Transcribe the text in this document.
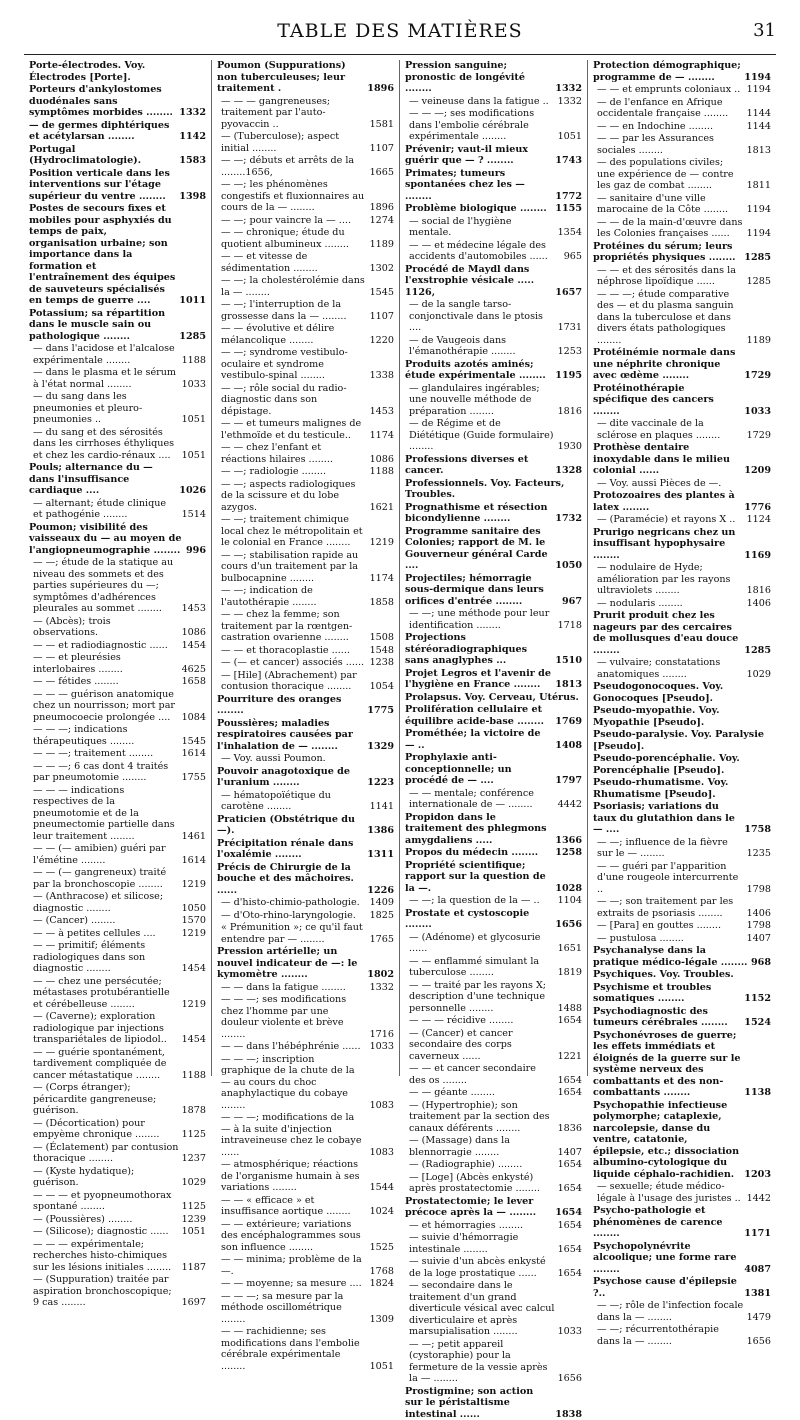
TABLE DES MATIÈRES	31
Porte-électrodes. Voy. Électrodes [Porte].
Porteurs d'ankylostomes duodénales sans symptômes morbides ........ 1332
— de germes diphtériques et acétylarsan ........	1142
Portugal (Hydroclimatologie).	1583
Position verticale dans les interventions sur l'étage supérieur du ventre ........	1398
Postes de secours fixes et mobiles pour asphyxiés du temps de paix, organisation urbaine; son importance dans la formation et l'entraînement des équipes de sauveteurs spécialisés en temps de guerre ....	1011
Potassium; sa répartition dans le muscle sain ou pathologique ........	1285
— dans l'acidose et l'alcalose expérimentale ........	1188
— dans le plasma et le sérum à l'état normal ........	1033
— du sang dans les pneumonies et pleuro-pneumonies ..	1051
— du sang et des sérosités dans les cirrhoses éthyliques et chez les cardio-rénaux ....	1051
Pouls; alternance du — dans l'insuffisance cardiaque ....	1026
— alternant; étude clinique et pathogénie ........	1514
Poumon; visibilité des vaisseaux du — au moyen de l'angiopneumographie ........ 996
— —; étude de la statique au niveau des sommets et des parties supérieures du —; symptômes d'adhérences pleurales au sommet ........	1453
— (Abcès); trois observations.	1086
— — et radiodiagnostic ......	1454
— — et pleurésies interlobaires ........	4625
— — fétides ........	1658
— — — guérison anatomique chez un nourrisson; mort par pneumocoecie prolongée ....	1084
— — —; indications thérapeutiques ........	1545
— — —; traitement ........	1614
— — —; 6 cas dont 4 traités par pneumotomie ........	1755
— — — indications respectives de la pneumotomie et de la pneumectomie partielle dans leur traitement ........	1461
— — (— amibien) guéri par l'émétine ........	1614
— — (— gangreneux) traité par la bronchoscopie ........	1219
— (Anthracose) et silicose; diagnostic ........	1050
— (Cancer) ........	1570
— — à petites cellules ....	1219
— — primitif; éléments radiologiques dans son diagnostic ........	1454
— — chez une persécutée; métastases protubérantielle et cérébelleuse ........	1219
— (Caverne); exploration radiologique par injections transpariétales de lipiodol..	1454
— — guérie spontanément, tardivement compliquée de cancer métastatique ........	1188
— (Corps étranger); péricardite gangreneuse; guérison.	1878
— (Décortication) pour empyème chronique ........	1125
— (Éclatement) par contusion thoracique ........	1237
— (Kyste hydatique); guérison.	1029
— — — et pyopneumothorax spontané ........	1125
— (Poussières) ........	1239
— (Silicose); diagnostic ......	1051
— — — expérimentale; recherches histo-chimiques sur les lésions initiales ........	1187
— (Suppuration) traitée par aspiration bronchoscopique; 9 cas ........	1697
Poumon (Suppurations) non tuberculeuses; leur traitement .	1896
— — — gangreneuses; traitement par l'auto-pyovaccin ..	1581
— (Tuberculose); aspect initial ........	1107
— —; débuts et arrêts de la ........1656,	1665
— —; les phénomènes congestifs et fluxionnaires au cours de la — ........	1896
— —; pour vaincre la — ....	1274
— — chronique; étude du quotient albumineux ........	1189
— — et vitesse de sédimentation ........	1302
— —; la cholestérolémie dans la — ........	1545
— —; l'interruption de la grossesse dans la — ........	1107
— — évolutive et délire mélancolique ........	1220
— —; syndrome vestibulo-oculaire et syndrome vestibulo-spinal ........	1338
— —; rôle social du radio-diagnostic dans son dépistage.	1453
— — et tumeurs malignes de l'ethmoïde et du testicule..	1174
— — chez l'enfant et réactions hilaires ........	1086
— —; radiologie ........	1188
— —; aspects radiologiques de la scissure et du lobe azygos.	1621
— —; traitement chimique local chez le métropolitain et le colonial en France ........	1219
— —; stabilisation rapide au cours d'un traitement par la bulbocapnine ........	1174
— —; indication de l'autothérapie ........	1858
— — chez la femme; son traitement par la rœntgen-castration ovarienne ........	1508
— — et thoracoplastie ......	1548
— (— et cancer) associés ...... 1238
— [Hile] (Abrachement) par contusion thoracique ........	1054
Pourriture des oranges ........	1775
Poussières; maladies respiratoires causées par l'inhalation de — ........	1329
— Voy. aussi Poumon.
Pouvoir anagotoxique de l'uranium ........	1223
— hématopoïétique du carotène ........	1141
Praticien (Obstétrique du —).	1386
Précipitation rénale dans l'oxalémie ........	1311
Précis de Chirurgie de la bouche et des mâchoires. ......	1226
— d'histo-chimio-pathologie.	1409
— d'Oto-rhino-laryngologie.	1825
« Prémunition »; ce qu'il faut entendre par — ........	1765
Pression artérielle; un nouvel indicateur de —: le kymomètre ........	1802
— — dans la fatigue ........	1332
— — —; ses modifications chez l'homme par une douleur violente et brève ........	1716
— — dans l'hébéphrénie ...... 1033
— — —; inscription graphique de la chute de la — au cours du choc anaphylactique du cobaye ........	1083
— — —; modifications de la — à la suite d'injection intraveineuse chez le cobaye ......	1083
— atmosphérique; réactions de l'organisme humain à ses variations ........	1544
— — « efficace » et insuffisance aortique ........	1024
— — extérieure; variations des encéphalogrammes sous son influence ........	1525
— — minima; problème de la —.	1768
— — moyenne; sa mesure .... 1824
— — —; sa mesure par la méthode oscillométrique ........	1309
— — rachidienne; ses modifications dans l'embolie cérébrale expérimentale ........	1051
Pression sanguine; pronostic de longévité ........	1332
— veineuse dans la fatigue .. 1332
— — —; ses modifications dans l'embolie cérébrale expérimentale ........	1051
Prévenir; vaut-il mieux guérir que — ? ........	1743
Primates; tumeurs spontanées chez les — ........	1772
Problème biologique ........ 1155
— social de l'hygiène mentale.	1354
— — et médecine légale des accidents d'automobiles ......	965
Procédé de Maydl dans l'exstrophie vésicale ..... 1126,	1657
— de la sangle tarso-conjonctivale dans le ptosis ....	1731
— de Vaugeois dans l'émanothérapie ........	1253
Produits azotés aminés; étude expérimentale ........	1195
— glandulaires ingérables; une nouvelle méthode de préparation ........	1816
— de Régime et de Diététique (Guide formulaire) ........	1930
Professions diverses et cancer.	1328
Professionnels. Voy. Facteurs, Troubles.
Prognathisme et résection bicondylienne ........	1732
Programme sanitaire des Colonies; rapport de M. le Gouverneur général Carde ....	1050
Projectiles; hémorragie sous-dermique dans leurs orifices d'entrée ........	967
— —; une méthode pour leur identification ........	1718
Projections stéréoradiographiques sans anaglyphes ...	1510
Projet Legros et l'avenir de l'hygiène en France ........	1813
Prolapsus. Voy. Cerveau, Utérus.
Prolifération cellulaire et équilibre acide-base ........	1769
Prométhée; la victoire de — ..	1408
Prophylaxie anti-conceptionnelle; un procédé de — ....	1797
— — mentale; conférence internationale de — ........	4442
Propidon dans le traitement des phlegmons amygdaliens .....	1366
Propos du médecin ........	1258
Propriété scientifique; rapport sur la question de la —.	1028
— —; la question de la — ..	1104
Prostate et cystoscopie ........	1656
— (Adénome) et glycosurie ......	1651
— — enflammé simulant la tuberculose ........	1819
— — traité par les rayons X; description d'une technique personnelle ........	1488
— — — récidive ........	1654
— (Cancer) et cancer secondaire des corps caverneux ......	1221
— — et cancer secondaire des os ........	1654
— — géante ........	1654
— (Hypertrophie); son traitement par la section des canaux déférents ........	1836
— (Massage) dans la blennorragie ........	1407
— (Radiographie) ........	1654
— [Loge] (Abcès enkysté) après prostatectomie ........	1654
Prostatectomie; le lever précoce après la — ........	1654
— et hémorragies ........	1654
— suivie d'hémorragie intestinale ........	1654
— suivie d'un abcès enkysté de la loge prostatique ......	1654
— secondaire dans le traitement d'un grand diverticule vésical avec calcul diverticulaire et après marsupialisation ........	1033
— —; petit appareil (cystoraphie) pour la fermeture de la vessie après la — ........	1656
Prostigmine; son action sur le péristaltisme intestinal ......	1838
Protection démographique; programme de — ........	1194
— — et emprunts coloniaux .. 1194
— de l'enfance en Afrique occidentale française ........	1144
— — en Indochine ........	1144
— — par les Assurances sociales ........	1813
— des populations civiles; une expérience de — contre les gaz de combat ........	1811
— sanitaire d'une ville marocaine de la Côte ........	1194
— — de la main-d'œuvre dans les Colonies françaises ......	1194
Protéines du sérum; leurs propriétés physiques ........ 1285
— — et des sérosités dans la néphrose lipoïdique ......	1285
— — —; étude comparative des — et du plasma sanguin dans la tuberculose et dans divers états pathologiques ........	1189
Protéinémie normale dans une néphrite chronique avec œdème ........	1729
Protéinothérapie spécifique des cancers ........	1033
— dite vaccinale de la sclérose en plaques ........	1729
Prothèse dentaire inoxydable dans le milieu colonial ......	1209
— Voy. aussi Pièces de —.
Protozoaires des plantes à latex ........	1776
— (Paramécie) et rayons X ..	1124
Prurigo negricans chez un insuffisant hypophysaire ........	1169
— nodulaire de Hyde; amélioration par les rayons ultraviolets ........	1816
— nodularis ........	1406
Prurit produit chez les nageurs par des cercaires de mollusques d'eau douce ........	1285
— vulvaire; constatations anatomiques ........	1029
Pseudogonocoques. Voy. Gonocoques [Pseudo].
Pseudo-myopathie. Voy. Myopathie [Pseudo].
Pseudo-paralysie. Voy. Paralysie [Pseudo].
Pseudo-porencéphalie. Voy. Porencéphalie [Pseudo].
Pseudo-rhumatisme. Voy. Rhumatisme [Pseudo].
Psoriasis; variations du taux du glutathion dans le — ....	1758
— —; influence de la fièvre sur le — ........	1235
— — guéri par l'apparition d'une rougeole intercurrente ..	1798
— —; son traitement par les extraits de psoriasis ........	1406
— [Para] en gouttes ........	1798
— pustulosa ........	1407
Psychanalyse dans la pratique médico-légale ........ 968
Psychiques. Voy. Troubles.
Psychisme et troubles somatiques ........	1152
Psychodiagnostic des tumeurs cérébrales ........	1524
Psychonévroses de guerre; les effets immédiats et éloignés de la guerre sur le système nerveux des combattants et des non-combattants ........	1138
Psychopathie infectieuse polymorphe; cataplexie, narcolepsie, danse du ventre, catatonie, épilepsie, etc.; dissociation albumino-cytologique du liquide céphalo-rachidien.	1203
— sexuelle; étude médico-légale à l'usage des juristes .. 1442
Psycho-pathologie et phénomènes de carence ........	1171
Psychopolynévrite alcoolique; une forme rare ........	4087
Psychose cause d'épilepsie ?..	1381
— —; rôle de l'infection focale dans la — ........	1479
— —; récurrentothérapie dans la — ........	1656
